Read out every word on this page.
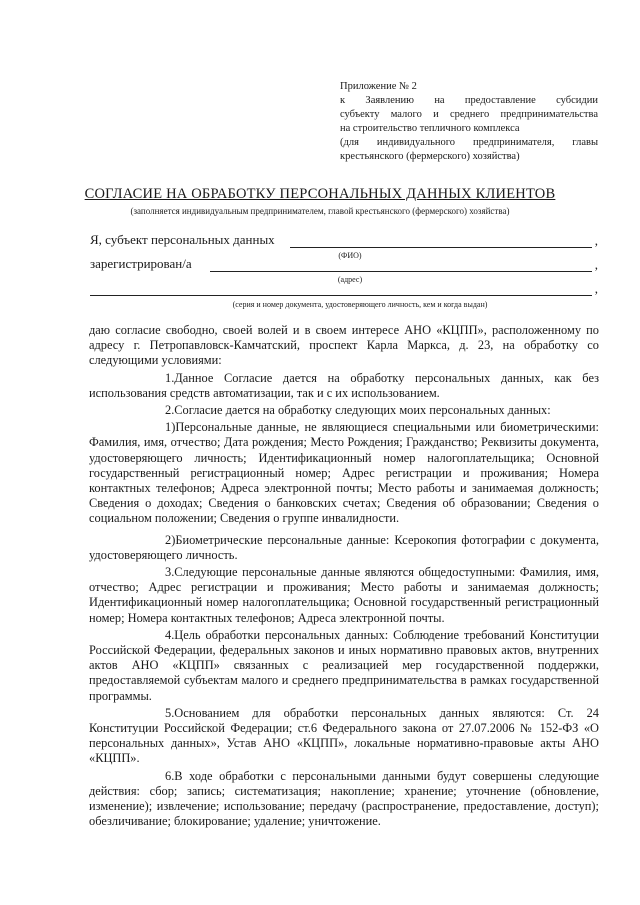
Приложение № 2
к Заявлению на предоставление субсидии
субъекту малого и среднего предпринимательства
на строительство тепличного комплекса
(для индивидуального предпринимателя, главы
крестьянского (фермерского) хозяйства)
СОГЛАСИЕ НА ОБРАБОТКУ ПЕРСОНАЛЬНЫХ ДАННЫХ КЛИЕНТОВ
(заполняется индивидуальным предпринимателем, главой крестьянского (фермерского) хозяйства)
Я, субъект персональных данных	,
(ФИО)
зарегистрирован/а	,
(адрес)
,
(серия и номер документа, удостоверяющего личность, кем и когда выдан)

даю согласие свободно, своей волей и в своем интересе АНО «КЦПП», расположенному по адресу г. Петропавловск-Камчатский, проспект Карла Маркса, д. 23, на обработку со следующими условиями:

1.Данное Согласие дается на обработку персональных данных, как без использования средств автоматизации, так и с их использованием.

2.Согласие дается на обработку следующих моих персональных данных:

1)Персональные данные, не являющиеся специальными или биометрическими: Фамилия, имя, отчество; Дата рождения; Место Рождения; Гражданство; Реквизиты документа, удостоверяющего личность; Идентификационный номер налогоплательщика; Основной государственный регистрационный номер; Адрес регистрации и проживания; Номера контактных телефонов; Адреса электронной почты; Место работы и занимаемая должность; Сведения о доходах; Сведения о банковских счетах; Сведения об образовании; Сведения о социальном положении; Сведения о группе инвалидности.

2)Биометрические персональные данные: Ксерокопия фотографии с документа, удостоверяющего личность.

3.Следующие персональные данные являются общедоступными: Фамилия, имя, отчество; Адрес регистрации и проживания; Место работы и занимаемая должность; Идентификационный номер налогоплательщика; Основной государственный регистрационный номер; Номера контактных телефонов; Адреса электронной почты.

4.Цель обработки персональных данных: Соблюдение требований Конституции Российской Федерации, федеральных законов и иных нормативно правовых актов, внутренних актов АНО «КЦПП» связанных с реализацией мер государственной поддержки, предоставляемой субъектам малого и среднего предпринимательства в рамках государственной программы.

5.Основанием для обработки персональных данных являются: Ст. 24 Конституции Российской Федерации; ст.6 Федерального закона от 27.07.2006 № 152-ФЗ «О персональных данных», Устав АНО «КЦПП», локальные нормативно-правовые акты АНО «КЦПП».

6.В ходе обработки с персональными данными будут совершены следующие действия: сбор; запись; систематизация; накопление; хранение; уточнение (обновление, изменение); извлечение; использование; передачу (распространение, предоставление, доступ); обезличивание; блокирование; удаление; уничтожение.
